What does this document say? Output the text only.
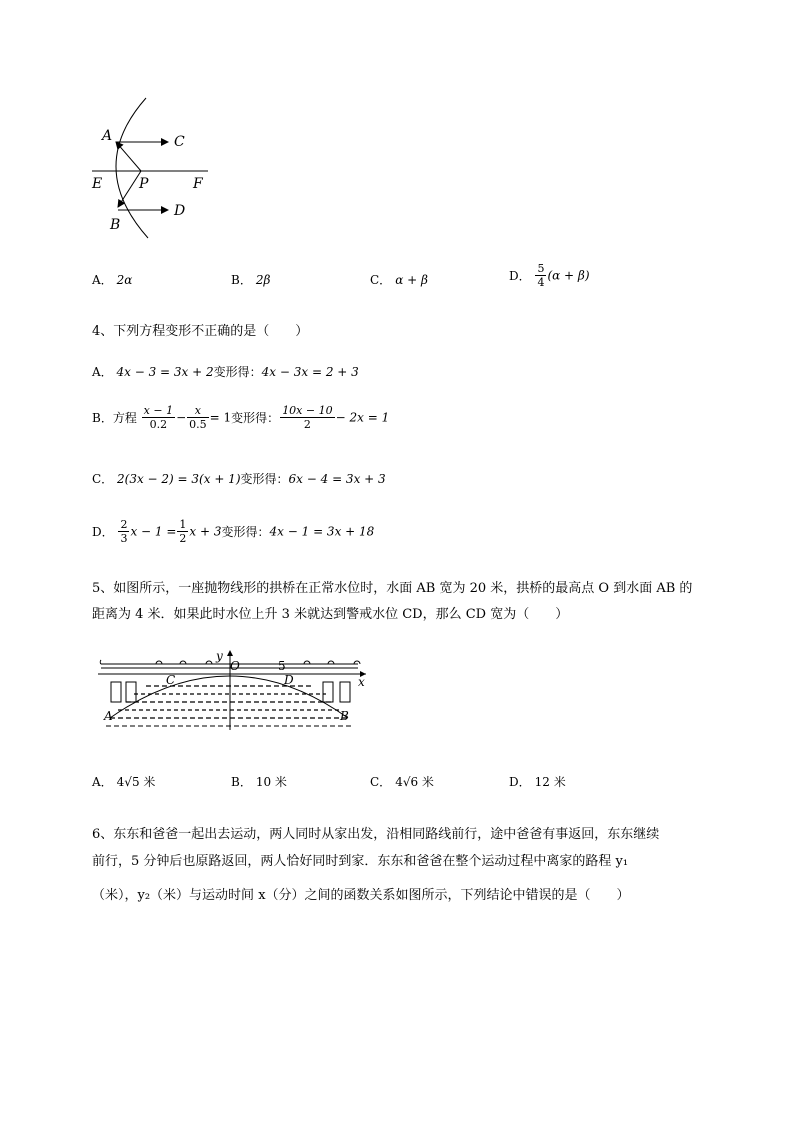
A	C
E	P	F
B
D
A． 2α	B． 2β	C． α + β	D． $\frac{5}{4} (\alpha + \beta)$
4、下列方程变形不正确的是（　　）
A． 4x − 3 = 3x + 2变形得：4x − 3x = 2 + 3
B．方程 $\frac{x - 1}{0.2} - \frac{x}{0.5} = 1$变形得： $\frac{10x - 10}{2} - 2x = 1$
C． 2(3x − 2) = 3(x + 1)变形得：6x − 4 = 3x + 3
D． $\frac{2}{3}$ $x - 1 = \frac{1}{2}$ x + 3变形得：4x − 1 = 3x + 18
5、如图所示，一座抛物线形的拱桥在正常水位时，水面 AB 宽为 20 米，拱桥的最高点 O 到水面 AB 的
距离为 4 米．如果此时水位上升 3 米就达到警戒水位 CD，那么 CD 宽为（　　）
y
O	5
x
C	D
A	B
A． 4√5 米	B． 10 米	C． 4√6 米	D． 12 米
6、东东和爸爸一起出去运动，两人同时从家出发，沿相同路线前行，途中爸爸有事返回，东东继续
前行，5 分钟后也原路返回，两人恰好同时到家．东东和爸爸在整个运动过程中离家的路程 y₁
（米），y₂（米）与运动时间 x（分）之间的函数关系如图所示，下列结论中错误的是（　　）
